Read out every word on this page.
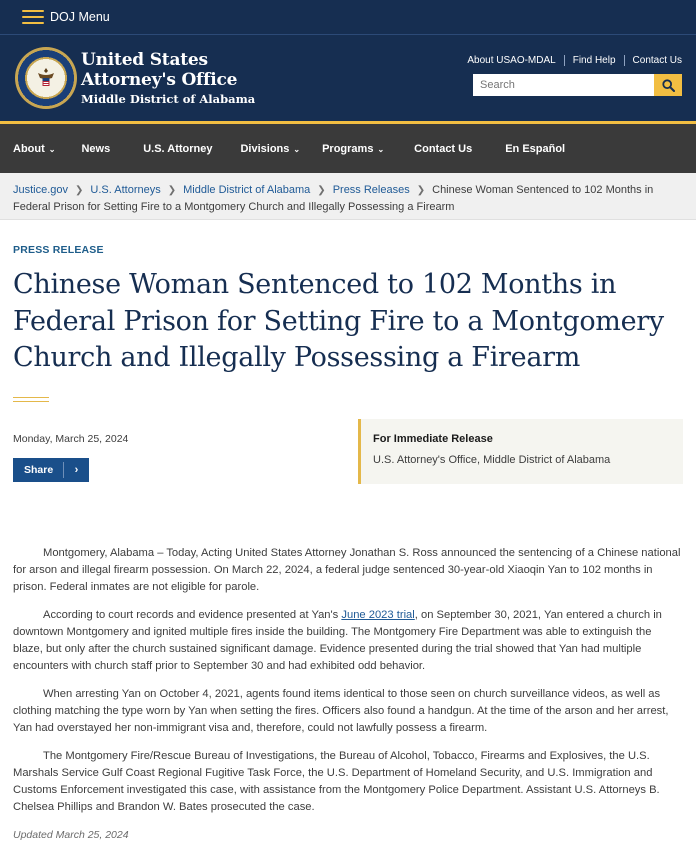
DOJ Menu
United States
Attorney's Office
Middle District of Alabama
About USAO-MDAL Find Help Contact Us
Search
About ⌄ News	U.S. Attorney	Divisions ⌄ Programs ⌄	Contact Us	En Español
Justice.gov ❯ U.S. Attorneys ❯ Middle District of Alabama ❯ Press Releases ❯ Chinese Woman Sentenced to 102 Months in Federal Prison for Setting Fire to a Montgomery Church and Illegally Possessing a Firearm
PRESS RELEASE
Chinese Woman Sentenced to 102 Months in Federal Prison for Setting Fire to a Montgomery Church and Illegally Possessing a Firearm
Monday, March 25, 2024
Share	›
For Immediate Release
U.S. Attorney's Office, Middle District of Alabama

Montgomery, Alabama – Today, Acting United States Attorney Jonathan S. Ross announced the sentencing of a Chinese national for arson and illegal firearm possession. On March 22, 2024, a federal judge sentenced 30-year-old Xiaoqin Yan to 102 months in prison. Federal inmates are not eligible for parole.

According to court records and evidence presented at Yan's June 2023 trial, on September 30, 2021, Yan entered a church in downtown Montgomery and ignited multiple fires inside the building. The Montgomery Fire Department was able to extinguish the blaze, but only after the church sustained significant damage. Evidence presented during the trial showed that Yan had multiple encounters with church staff prior to September 30 and had exhibited odd behavior.

When arresting Yan on October 4, 2021, agents found items identical to those seen on church surveillance videos, as well as clothing matching the type worn by Yan when setting the fires. Officers also found a handgun. At the time of the arson and her arrest, Yan had overstayed her non-immigrant visa and, therefore, could not lawfully possess a firearm.

The Montgomery Fire/Rescue Bureau of Investigations, the Bureau of Alcohol, Tobacco, Firearms and Explosives, the U.S. Marshals Service Gulf Coast Regional Fugitive Task Force, the U.S. Department of Homeland Security, and U.S. Immigration and Customs Enforcement investigated this case, with assistance from the Montgomery Police Department. Assistant U.S. Attorneys B. Chelsea Phillips and Brandon W. Bates prosecuted the case.

Updated March 25, 2024
